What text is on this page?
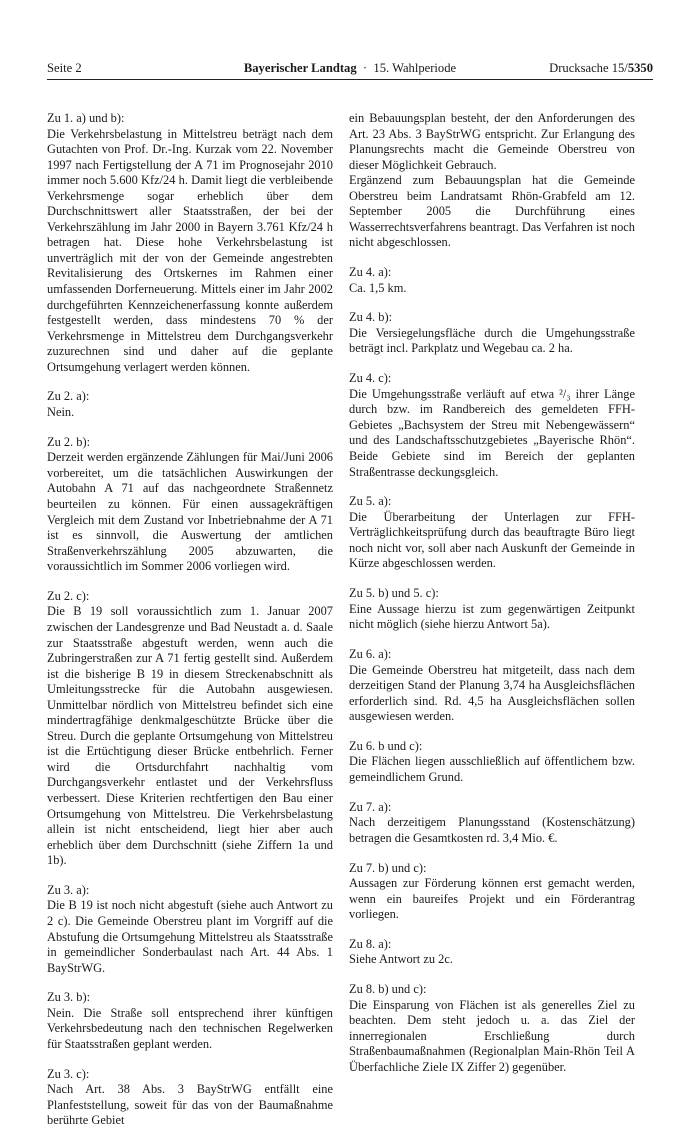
Seite 2	Bayerischer Landtag · 15. Wahlperiode	Drucksache 15/5350
Zu 1. a) und b):

Die Verkehrsbelastung in Mittelstreu beträgt nach dem Gutachten von Prof. Dr.-Ing. Kurzak vom 22. November 1997 nach Fertigstellung der A 71 im Prognosejahr 2010 immer noch 5.600 Kfz/24 h. Damit liegt die verbleibende Verkehrsmenge sogar erheblich über dem Durchschnittswert aller Staatsstraßen, der bei der Verkehrszählung im Jahr 2000 in Bayern 3.761 Kfz/24 h betragen hat. Diese hohe Verkehrsbelastung ist unverträglich mit der von der Gemeinde angestrebten Revitalisierung des Ortskernes im Rahmen einer umfassenden Dorferneuerung. Mittels einer im Jahr 2002 durchgeführten Kennzeichenerfassung konnte außerdem festgestellt werden, dass mindestens 70 % der Verkehrsmenge in Mittelstreu dem Durchgangsverkehr zuzurechnen sind und daher auf die geplante Ortsumgehung verlagert werden können.

Zu 2. a):

Nein.

Zu 2. b):

Derzeit werden ergänzende Zählungen für Mai/Juni 2006 vorbereitet, um die tatsächlichen Auswirkungen der Autobahn A 71 auf das nachgeordnete Straßennetz beurteilen zu können. Für einen aussagekräftigen Vergleich mit dem Zustand vor Inbetriebnahme der A 71 ist es sinnvoll, die Auswertung der amtlichen Straßenverkehrszählung 2005 abzuwarten, die voraussichtlich im Sommer 2006 vorliegen wird.

Zu 2. c):

Die B 19 soll voraussichtlich zum 1. Januar 2007 zwischen der Landesgrenze und Bad Neustadt a. d. Saale zur Staatsstraße abgestuft werden, wenn auch die Zubringerstraßen zur A 71 fertig gestellt sind. Außerdem ist die bisherige B 19 in diesem Streckenabschnitt als Umleitungsstrecke für die Autobahn ausgewiesen. Unmittelbar nördlich von Mittelstreu befindet sich eine mindertragfähige denkmalgeschützte Brücke über die Streu. Durch die geplante Ortsumgehung von Mittelstreu ist die Ertüchtigung dieser Brücke entbehrlich. Ferner wird die Ortsdurchfahrt nachhaltig vom Durchgangsverkehr entlastet und der Verkehrsfluss verbessert. Diese Kriterien rechtfertigen den Bau einer Ortsumgehung von Mittelstreu. Die Verkehrsbelastung allein ist nicht entscheidend, liegt hier aber auch erheblich über dem Durchschnitt (siehe Ziffern 1a und 1b).

Zu 3. a):

Die B 19 ist noch nicht abgestuft (siehe auch Antwort zu 2 c). Die Gemeinde Oberstreu plant im Vorgriff auf die Abstufung die Ortsumgehung Mittelstreu als Staatsstraße in gemeindlicher Sonderbaulast nach Art. 44 Abs. 1 BayStrWG.

Zu 3. b):

Nein. Die Straße soll entsprechend ihrer künftigen Verkehrsbedeutung nach den technischen Regelwerken für Staatsstraßen geplant werden.

Zu 3. c):

Nach Art. 38 Abs. 3 BayStrWG entfällt eine Planfeststellung, soweit für das von der Baumaßnahme berührte Gebiet

ein Bebauungsplan besteht, der den Anforderungen des Art. 23 Abs. 3 BayStrWG entspricht. Zur Erlangung des Planungsrechts macht die Gemeinde Oberstreu von dieser Möglichkeit Gebrauch.

Ergänzend zum Bebauungsplan hat die Gemeinde Oberstreu beim Landratsamt Rhön-Grabfeld am 12. September 2005 die Durchführung eines Wasserrechtsverfahrens beantragt. Das Verfahren ist noch nicht abgeschlossen.

Zu 4. a):

Ca. 1,5 km.

Zu 4. b):

Die Versiegelungsfläche durch die Umgehungsstraße beträgt incl. Parkplatz und Wegebau ca. 2 ha.

Zu 4. c):

Die Umgehungsstraße verläuft auf etwa ²/₃ ihrer Länge durch bzw. im Randbereich des gemeldeten FFH-Gebietes „Bachsystem der Streu mit Nebengewässern“ und des Landschaftsschutzgebietes „Bayerische Rhön“. Beide Gebiete sind im Bereich der geplanten Straßentrasse deckungsgleich.

Zu 5. a):

Die Überarbeitung der Unterlagen zur FFH-Verträglichkeitsprüfung durch das beauftragte Büro liegt noch nicht vor, soll aber nach Auskunft der Gemeinde in Kürze abgeschlossen werden.

Zu 5. b) und 5. c):

Eine Aussage hierzu ist zum gegenwärtigen Zeitpunkt nicht möglich (siehe hierzu Antwort 5a).

Zu 6. a):

Die Gemeinde Oberstreu hat mitgeteilt, dass nach dem derzeitigen Stand der Planung 3,74 ha Ausgleichsflächen erforderlich sind. Rd. 4,5 ha Ausgleichsflächen sollen ausgewiesen werden.

Zu 6. b und c):

Die Flächen liegen ausschließlich auf öffentlichem bzw. gemeindlichem Grund.

Zu 7. a):

Nach derzeitigem Planungsstand (Kostenschätzung) betragen die Gesamtkosten rd. 3,4 Mio. €.

Zu 7. b) und c):

Aussagen zur Förderung können erst gemacht werden, wenn ein baureifes Projekt und ein Förderantrag vorliegen.

Zu 8. a):

Siehe Antwort zu 2c.

Zu 8. b) und c):

Die Einsparung von Flächen ist als generelles Ziel zu beachten. Dem steht jedoch u. a. das Ziel der innerregionalen Erschließung durch Straßenbaumaßnahmen (Regionalplan Main-Rhön Teil A Überfachliche Ziele IX Ziffer 2) gegenüber.
